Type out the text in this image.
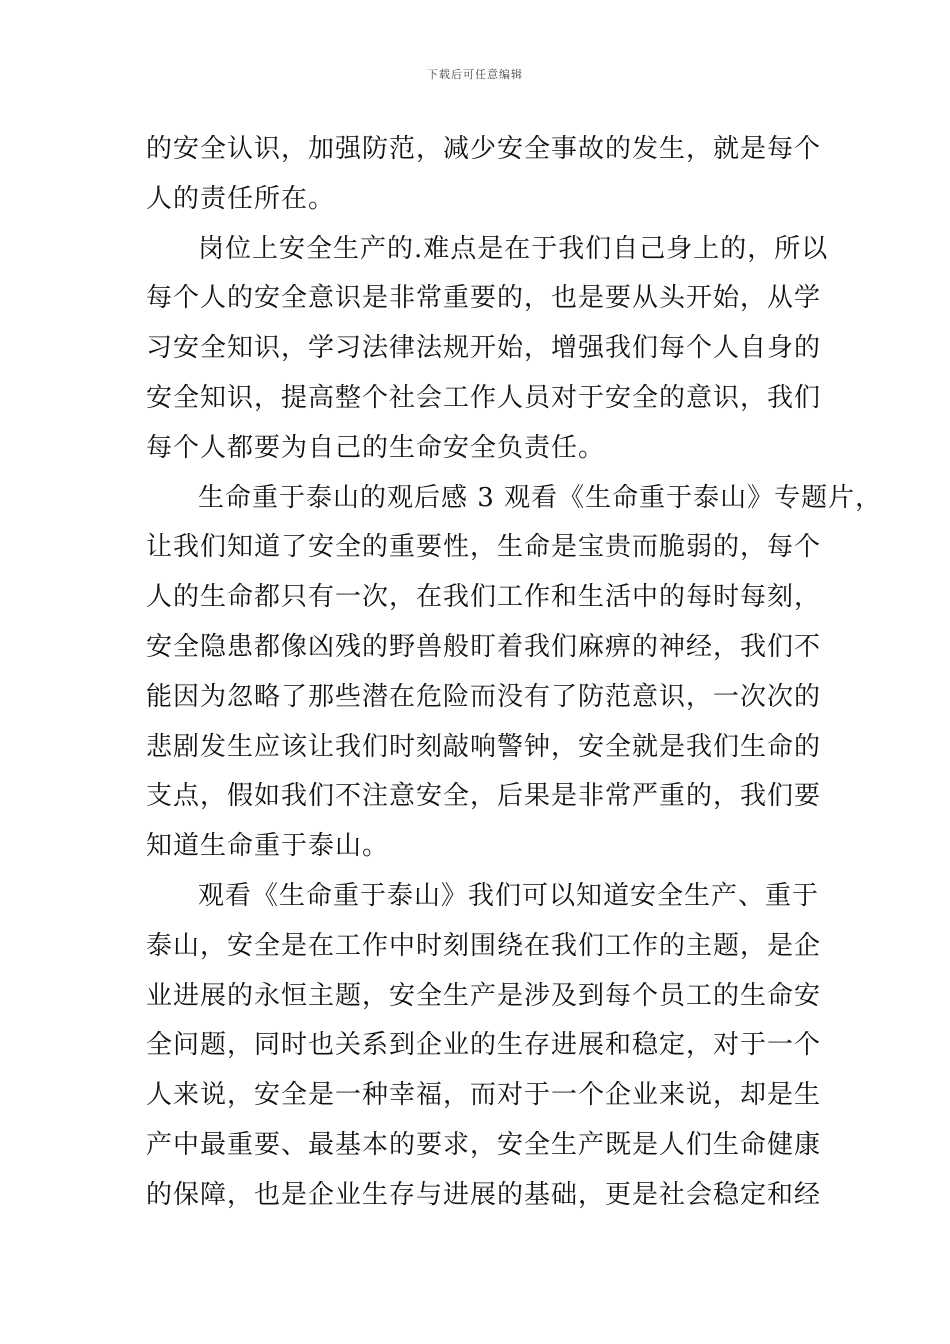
下载后可任意编辑
的安全认识，加强防范，减少安全事故的发生，就是每个
人的责任所在。
岗位上安全生产的.难点是在于我们自己身上的，所以
每个人的安全意识是非常重要的，也是要从头开始，从学
习安全知识，学习法律法规开始，增强我们每个人自身的
安全知识，提高整个社会工作人员对于安全的意识，我们
每个人都要为自己的生命安全负责任。
生命重于泰山的观后感 3 观看《生命重于泰山》专题片，
让我们知道了安全的重要性，生命是宝贵而脆弱的，每个
人的生命都只有一次，在我们工作和生活中的每时每刻，
安全隐患都像凶残的野兽般盯着我们麻痹的神经，我们不
能因为忽略了那些潜在危险而没有了防范意识，一次次的
悲剧发生应该让我们时刻敲响警钟，安全就是我们生命的
支点，假如我们不注意安全，后果是非常严重的，我们要
知道生命重于泰山。
观看《生命重于泰山》我们可以知道安全生产、重于
泰山，安全是在工作中时刻围绕在我们工作的主题，是企
业进展的永恒主题，安全生产是涉及到每个员工的生命安
全问题，同时也关系到企业的生存进展和稳定，对于一个
人来说，安全是一种幸福，而对于一个企业来说，却是生
产中最重要、最基本的要求，安全生产既是人们生命健康
的保障，也是企业生存与进展的基础，更是社会稳定和经
